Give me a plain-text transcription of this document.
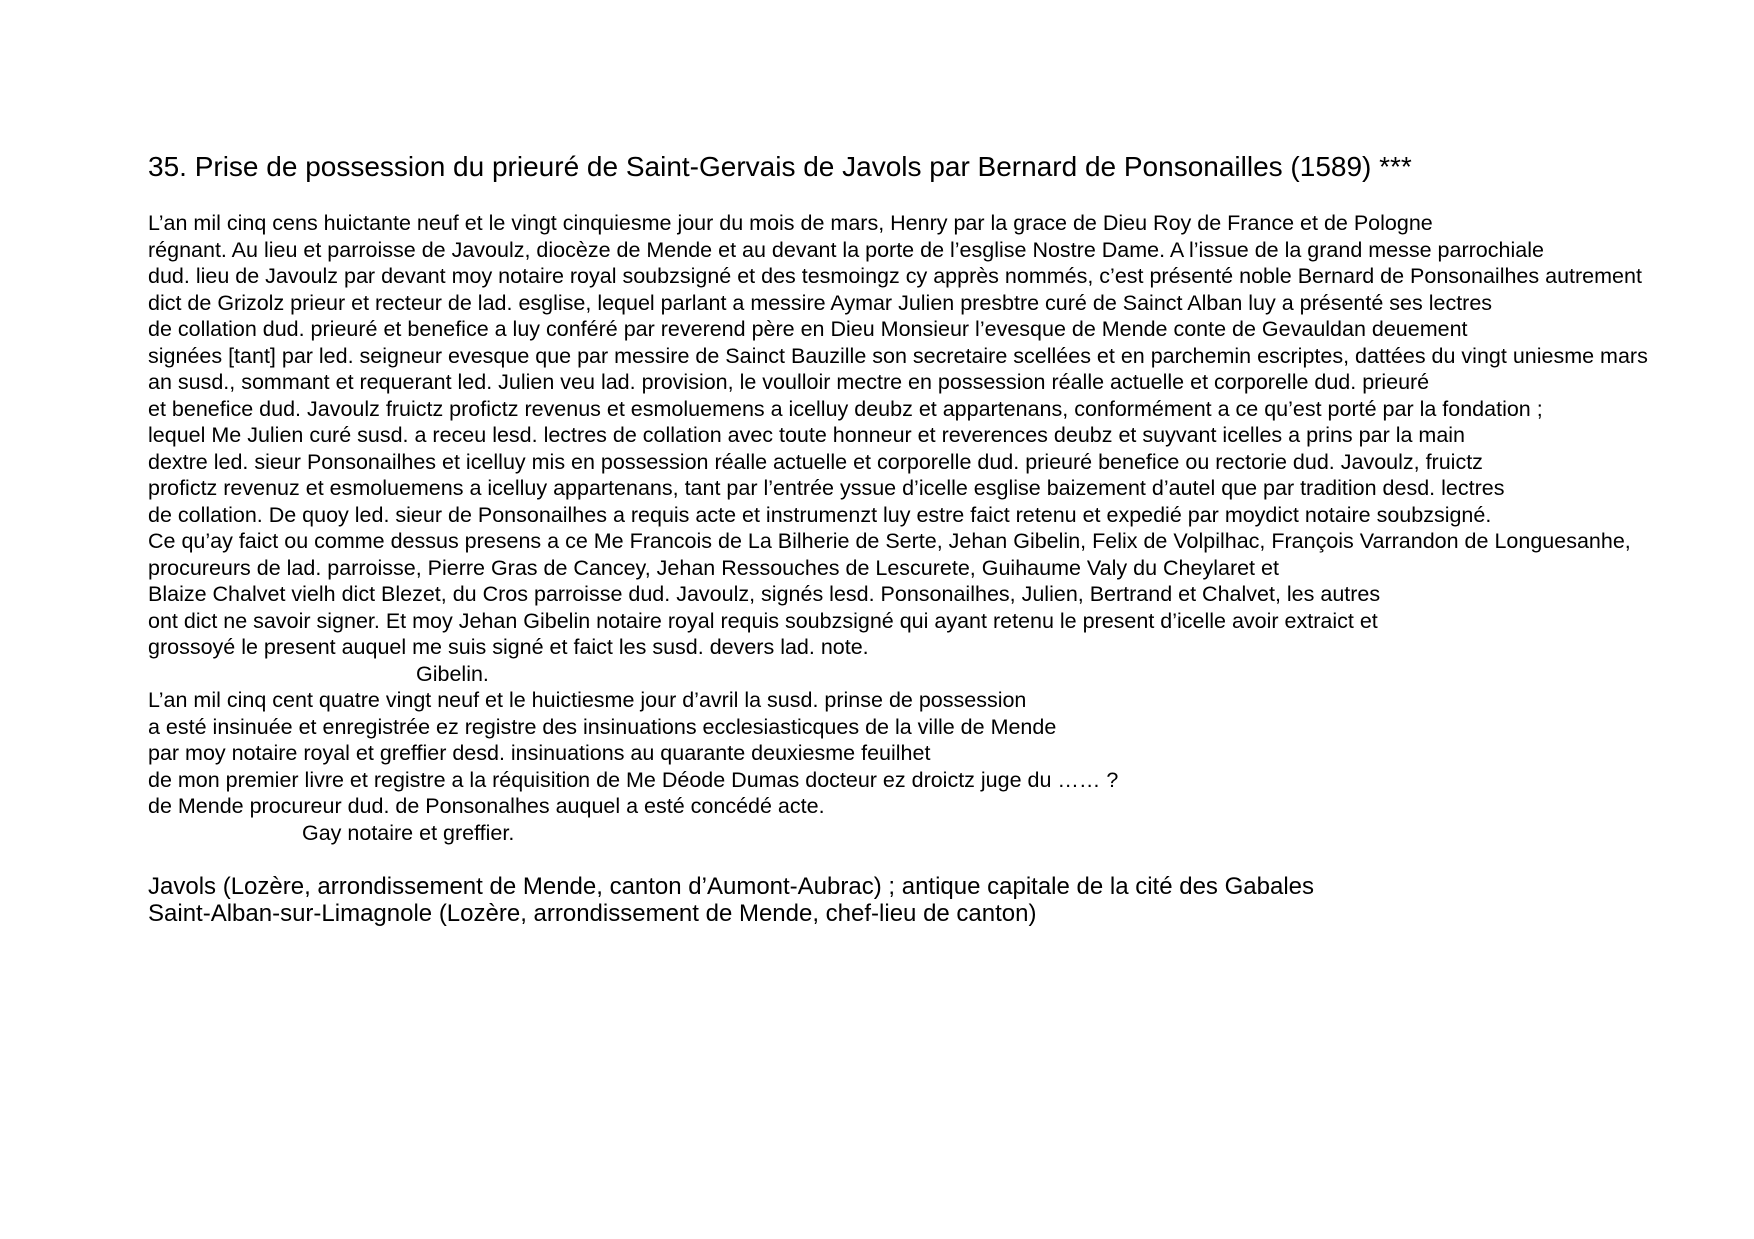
35. Prise de possession du prieuré de Saint-Gervais de Javols par Bernard de Ponsonailles (1589) ***
L’an mil cinq cens huictante neuf et le vingt cinquiesme jour du mois de mars, Henry par la grace de Dieu Roy de France et de Pologne
régnant. Au lieu et parroisse de Javoulz, diocèze de Mende et au devant la porte de l’esglise Nostre Dame. A l’issue de la grand messe parrochiale
dud. lieu de Javoulz par devant moy notaire royal soubzsigné et des tesmoingz cy apprès nommés, c’est présenté noble Bernard de Ponsonailhes autrement
dict de Grizolz prieur et recteur de lad. esglise, lequel parlant a messire Aymar Julien presbtre curé de Sainct Alban luy a présenté ses lectres
de collation dud. prieuré et benefice a luy conféré par reverend père en Dieu Monsieur l’evesque de Mende conte de Gevauldan deuement
signées [tant] par led. seigneur evesque que par messire de Sainct Bauzille son secretaire scellées et en parchemin escriptes, dattées du vingt uniesme mars
an susd., sommant et requerant led. Julien veu lad. provision, le voulloir mectre en possession réalle actuelle et corporelle dud. prieuré
et benefice dud. Javoulz fruictz profictz revenus et esmoluemens a icelluy deubz et appartenans, conformément a ce qu’est porté par la fondation ;
lequel Me Julien curé susd. a receu lesd. lectres de collation avec toute honneur et reverences deubz et suyvant icelles a prins par la main
dextre led. sieur Ponsonailhes et icelluy mis en possession réalle actuelle et corporelle dud. prieuré benefice ou rectorie dud. Javoulz, fruictz
profictz revenuz et esmoluemens a icelluy appartenans, tant par l’entrée yssue d’icelle esglise baizement d’autel que par tradition desd. lectres
de collation. De quoy led. sieur de Ponsonailhes a requis acte et instrumenzt luy estre faict retenu et expedié par moydict notaire soubzsigné.
Ce qu’ay faict ou comme dessus presens a ce Me Francois de La Bilherie de Serte, Jehan Gibelin, Felix de Volpilhac, François Varrandon de Longuesanhe,
procureurs de lad. parroisse, Pierre Gras de Cancey, Jehan Ressouches de Lescurete, Guihaume Valy du Cheylaret et
Blaize Chalvet vielh dict Blezet, du Cros parroisse dud. Javoulz, signés lesd. Ponsonailhes, Julien, Bertrand et Chalvet, les autres
ont dict ne savoir signer. Et moy Jehan Gibelin notaire royal requis soubzsigné qui ayant retenu le present d’icelle avoir extraict et
grossoyé le present auquel me suis signé et faict les susd. devers lad. note.
Gibelin.
L’an mil cinq cent quatre vingt neuf et le huictiesme jour d’avril la susd. prinse de possession
a esté insinuée et enregistrée ez registre des insinuations ecclesiasticques de la ville de Mende
par moy notaire royal et greffier desd. insinuations au quarante deuxiesme feuilhet
de mon premier livre et registre a la réquisition de Me Déode Dumas docteur ez droictz juge du …… ?
de Mende procureur dud. de Ponsonalhes auquel a esté concédé acte.
Gay notaire et greffier.
Javols (Lozère, arrondissement de Mende, canton d’Aumont-Aubrac) ; antique capitale de la cité des Gabales
Saint-Alban-sur-Limagnole (Lozère, arrondissement de Mende, chef-lieu de canton)
